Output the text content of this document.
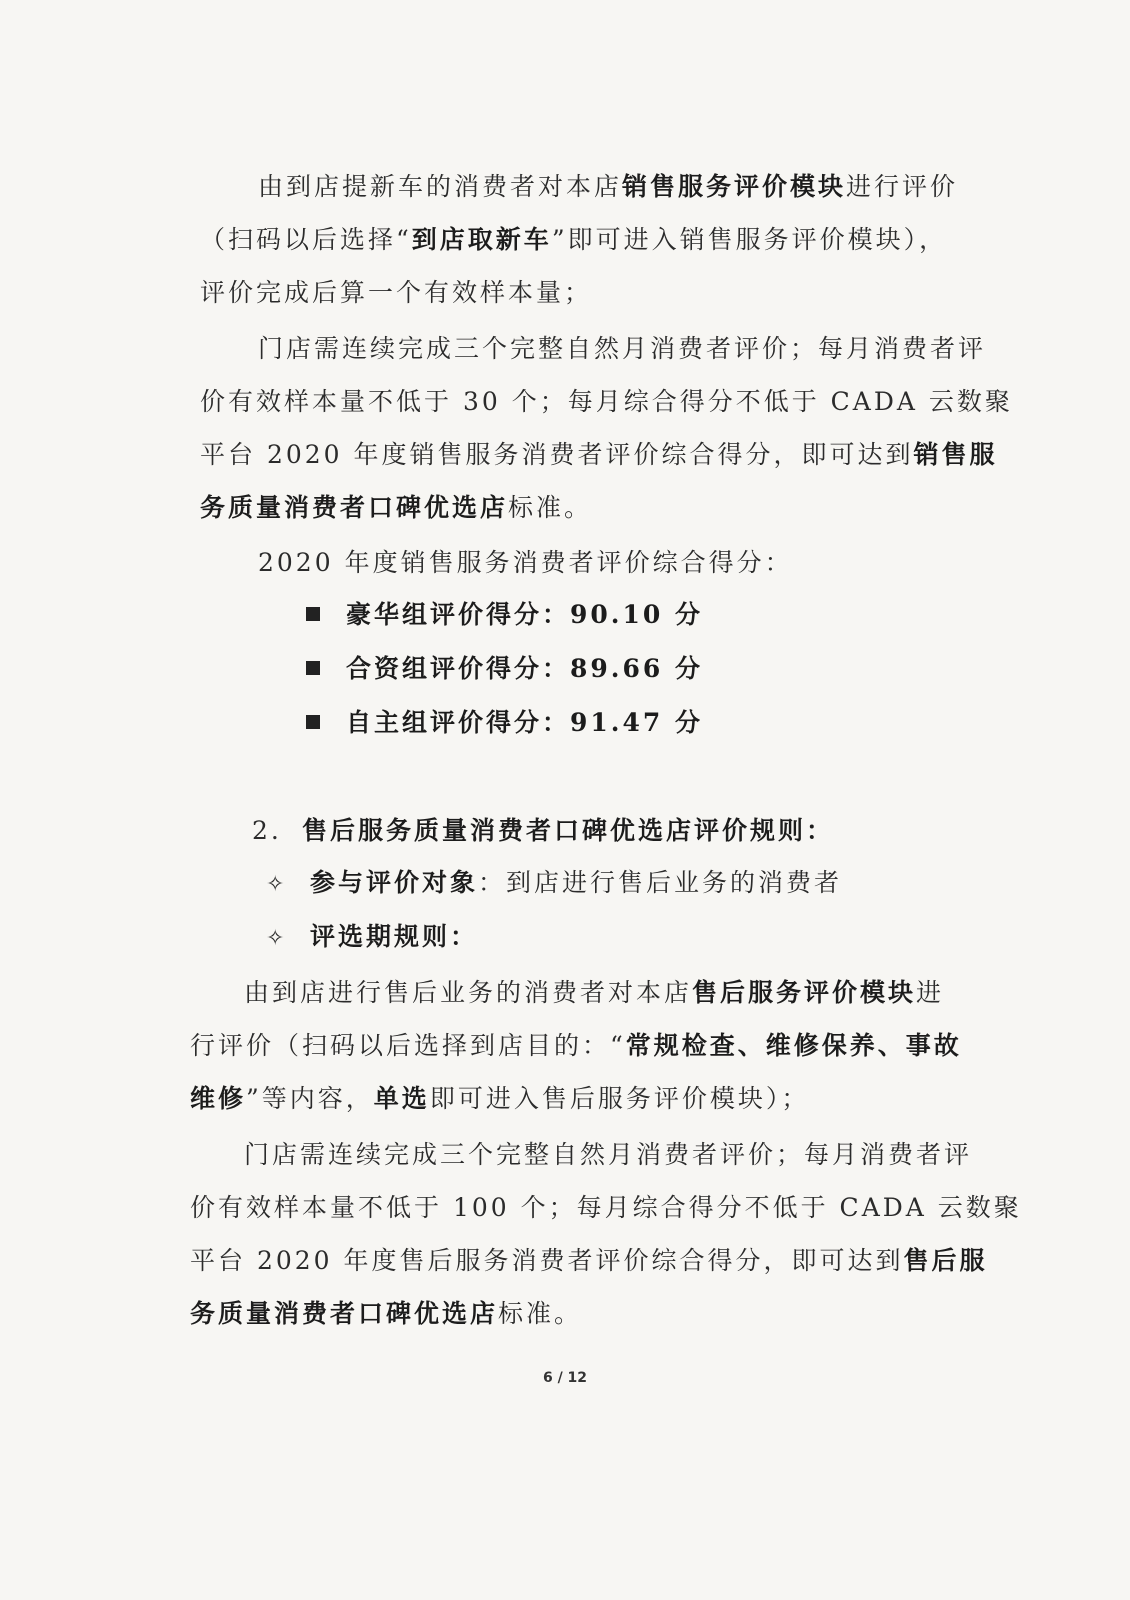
由到店提新车的消费者对本店销售服务评价模块进行评价
（扫码以后选择“到店取新车”即可进入销售服务评价模块），
评价完成后算一个有效样本量；
门店需连续完成三个完整自然月消费者评价；每月消费者评
价有效样本量不低于 30 个；每月综合得分不低于 CADA 云数聚
平台 2020 年度销售服务消费者评价综合得分，即可达到销售服
务质量消费者口碑优选店标准。
2020 年度销售服务消费者评价综合得分：
豪华组评价得分：90.10 分
合资组评价得分：89.66 分
自主组评价得分：91.47 分
2. 售后服务质量消费者口碑优选店评价规则：
✧ 参与评价对象：到店进行售后业务的消费者
✧ 评选期规则：
由到店进行售后业务的消费者对本店售后服务评价模块进
行评价（扫码以后选择到店目的：“常规检查、维修保养、事故
维修”等内容，单选即可进入售后服务评价模块）；
门店需连续完成三个完整自然月消费者评价；每月消费者评
价有效样本量不低于 100 个；每月综合得分不低于 CADA 云数聚
平台 2020 年度售后服务消费者评价综合得分，即可达到售后服
务质量消费者口碑优选店标准。
6 / 12
